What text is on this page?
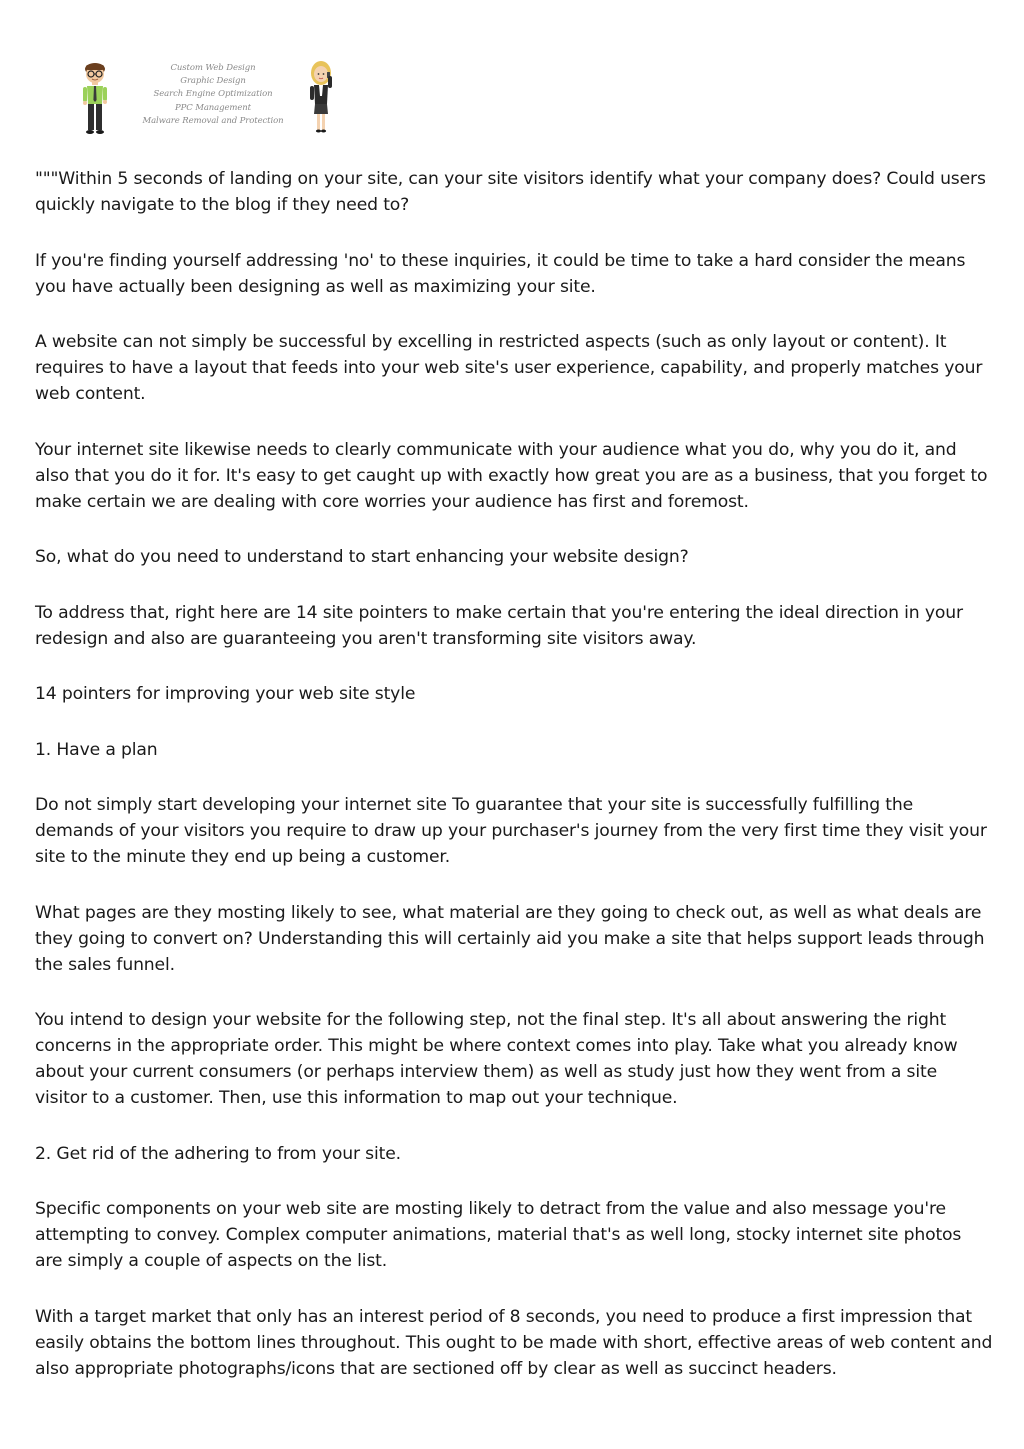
Custom Web Design
Graphic Design
Search Engine Optimization
PPC Management
Malware Removal and Protection

"""Within 5 seconds of landing on your site, can your site visitors identify what your company does? Could users quickly navigate to the blog if they need to?

If you're finding yourself addressing 'no' to these inquiries, it could be time to take a hard consider the means you have actually been designing as well as maximizing your site.

A website can not simply be successful by excelling in restricted aspects (such as only layout or content). It requires to have a layout that feeds into your web site's user experience, capability, and properly matches your web content.

Your internet site likewise needs to clearly communicate with your audience what you do, why you do it, and also that you do it for. It's easy to get caught up with exactly how great you are as a business, that you forget to make certain we are dealing with core worries your audience has first and foremost.

So, what do you need to understand to start enhancing your website design?

To address that, right here are 14 site pointers to make certain that you're entering the ideal direction in your redesign and also are guaranteeing you aren't transforming site visitors away.

14 pointers for improving your web site style

1. Have a plan

Do not simply start developing your internet site To guarantee that your site is successfully fulfilling the demands of your visitors you require to draw up your purchaser's journey from the very first time they visit your site to the minute they end up being a customer.

What pages are they mosting likely to see, what material are they going to check out, as well as what deals are they going to convert on? Understanding this will certainly aid you make a site that helps support leads through the sales funnel.

You intend to design your website for the following step, not the final step. It's all about answering the right concerns in the appropriate order. This might be where context comes into play. Take what you already know about your current consumers (or perhaps interview them) as well as study just how they went from a site visitor to a customer. Then, use this information to map out your technique.

2. Get rid of the adhering to from your site.

Specific components on your web site are mosting likely to detract from the value and also message you're attempting to convey. Complex computer animations, material that's as well long, stocky internet site photos are simply a couple of aspects on the list.

With a target market that only has an interest period of 8 seconds, you need to produce a first impression that easily obtains the bottom lines throughout. This ought to be made with short, effective areas of web content and also appropriate photographs/icons that are sectioned off by clear as well as succinct headers.
